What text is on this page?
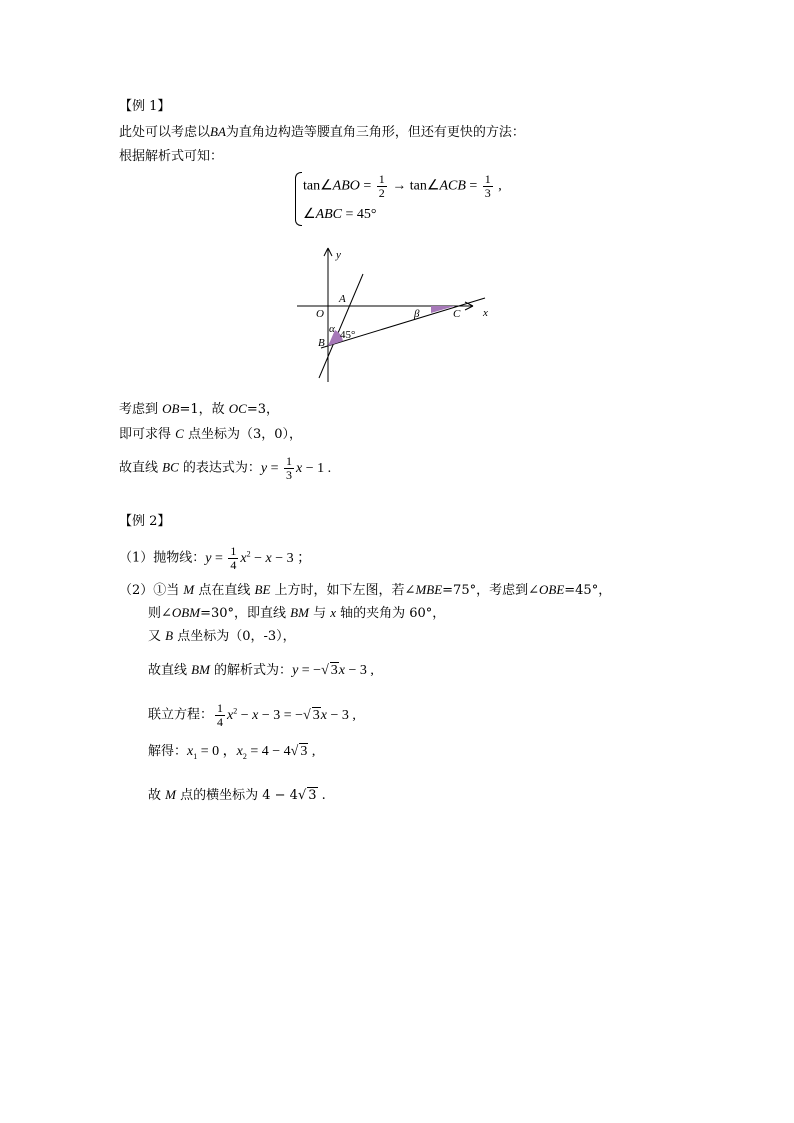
【例 1】
此处可以考虑以BA为直角边构造等腰直角三角形，但还有更快的方法：
根据解析式可知：
tan∠ABO = $\frac{1}{2}$ → tan∠ACB = $\frac{1}{3}$ ,
∠ABC = 45°
y
x
O
A
B
C
α
β
45°
考虑到 OB=1，故 OC=3，
即可求得 C 点坐标为（3，0），
故直线 BC 的表达式为：$y = \frac{1}{3}$ x − 1 .
【例 2】
（1）抛物线：$y = \frac{1}{4} x^2 - x - 3$ ；
（2）①当 M 点在直线 BE 上方时，如下左图，若∠MBE=75°，考虑到∠OBE=45°，
则∠OBM=30°，即直线 BM 与 x 轴的夹角为 60°，
又 B 点坐标为（0，-3），
故直线 BM 的解析式为：y = −√ 3x − 3 ,
联立方程： $\frac{1}{4} x^2 - x - 3$ = −√ 3x − 3 ,
解得：$x_1 = 0$ ，$x_2 = 4 - 4√$ 3 ,
故 M 点的横坐标为 4 − 4√ 3 .
